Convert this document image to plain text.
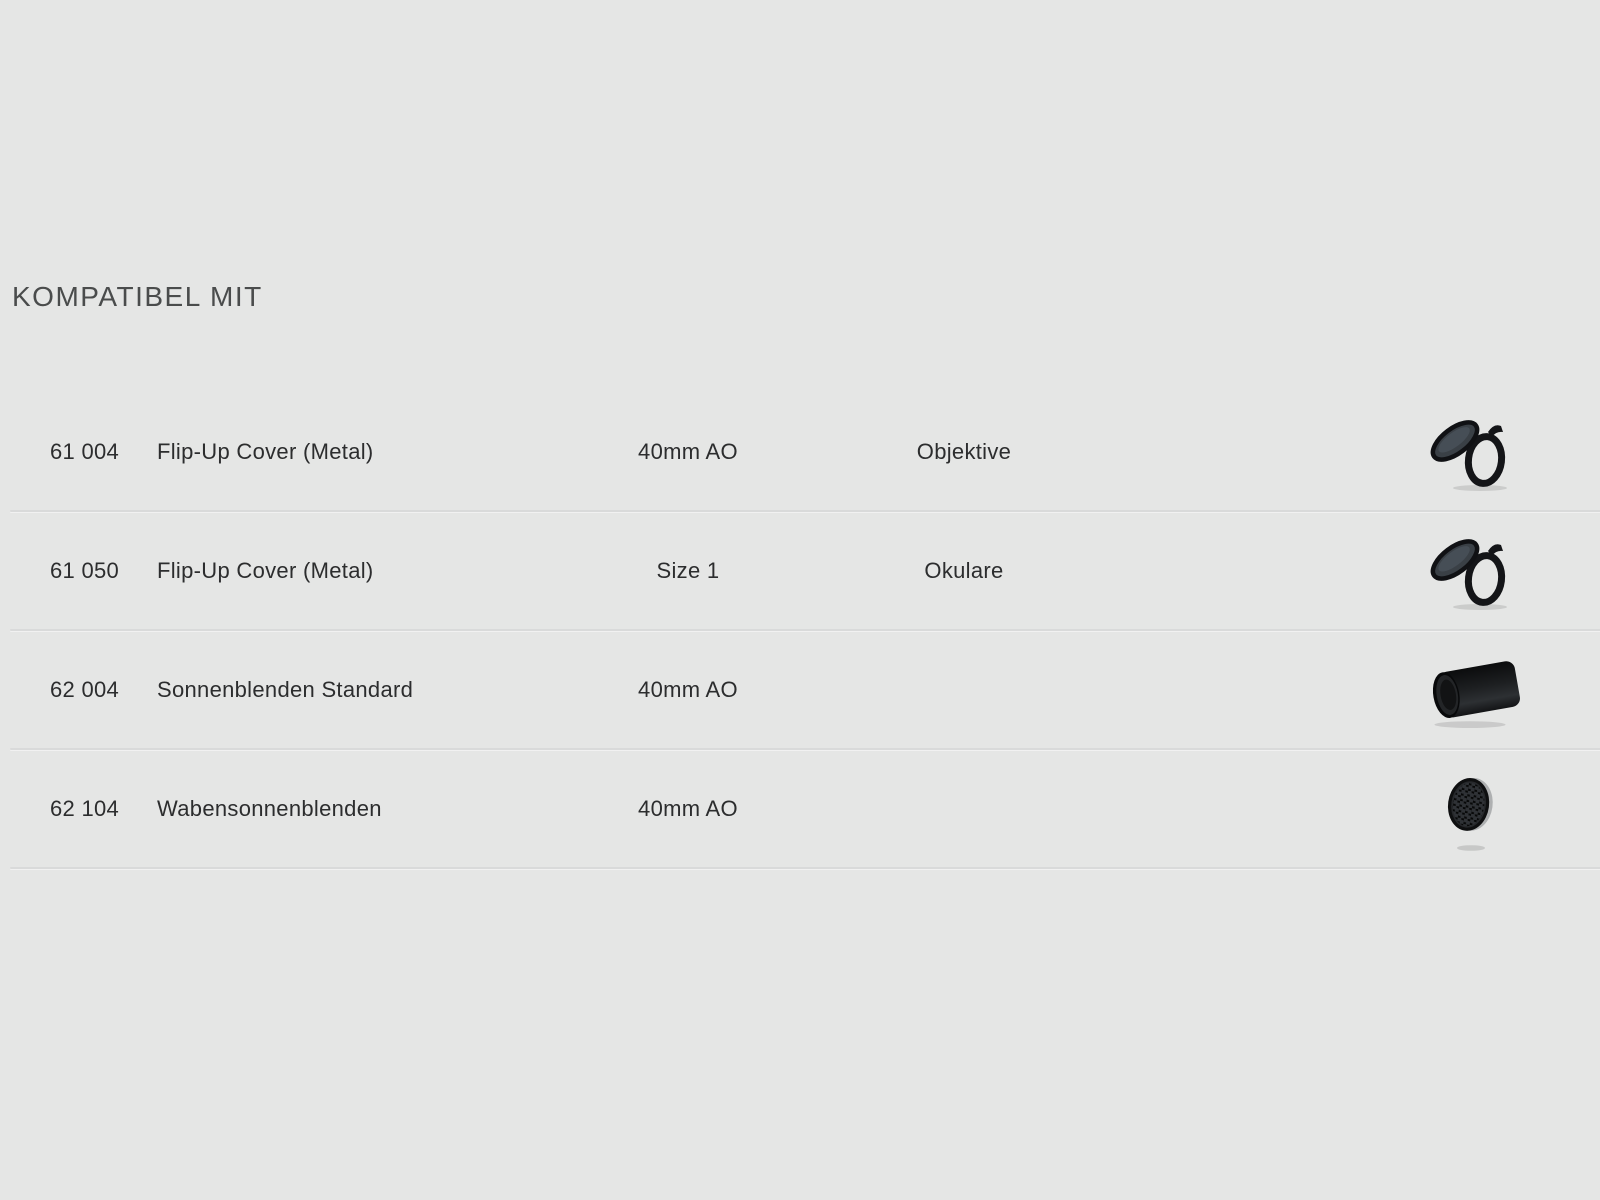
KOMPATIBEL MIT
61 004	Flip-Up Cover (Metal)	40mm AO	Objektive
61 050	Flip-Up Cover (Metal)	Size 1	Okulare
62 004	Sonnenblenden Standard	40mm AO
62 104	Wabensonnenblenden	40mm AO
